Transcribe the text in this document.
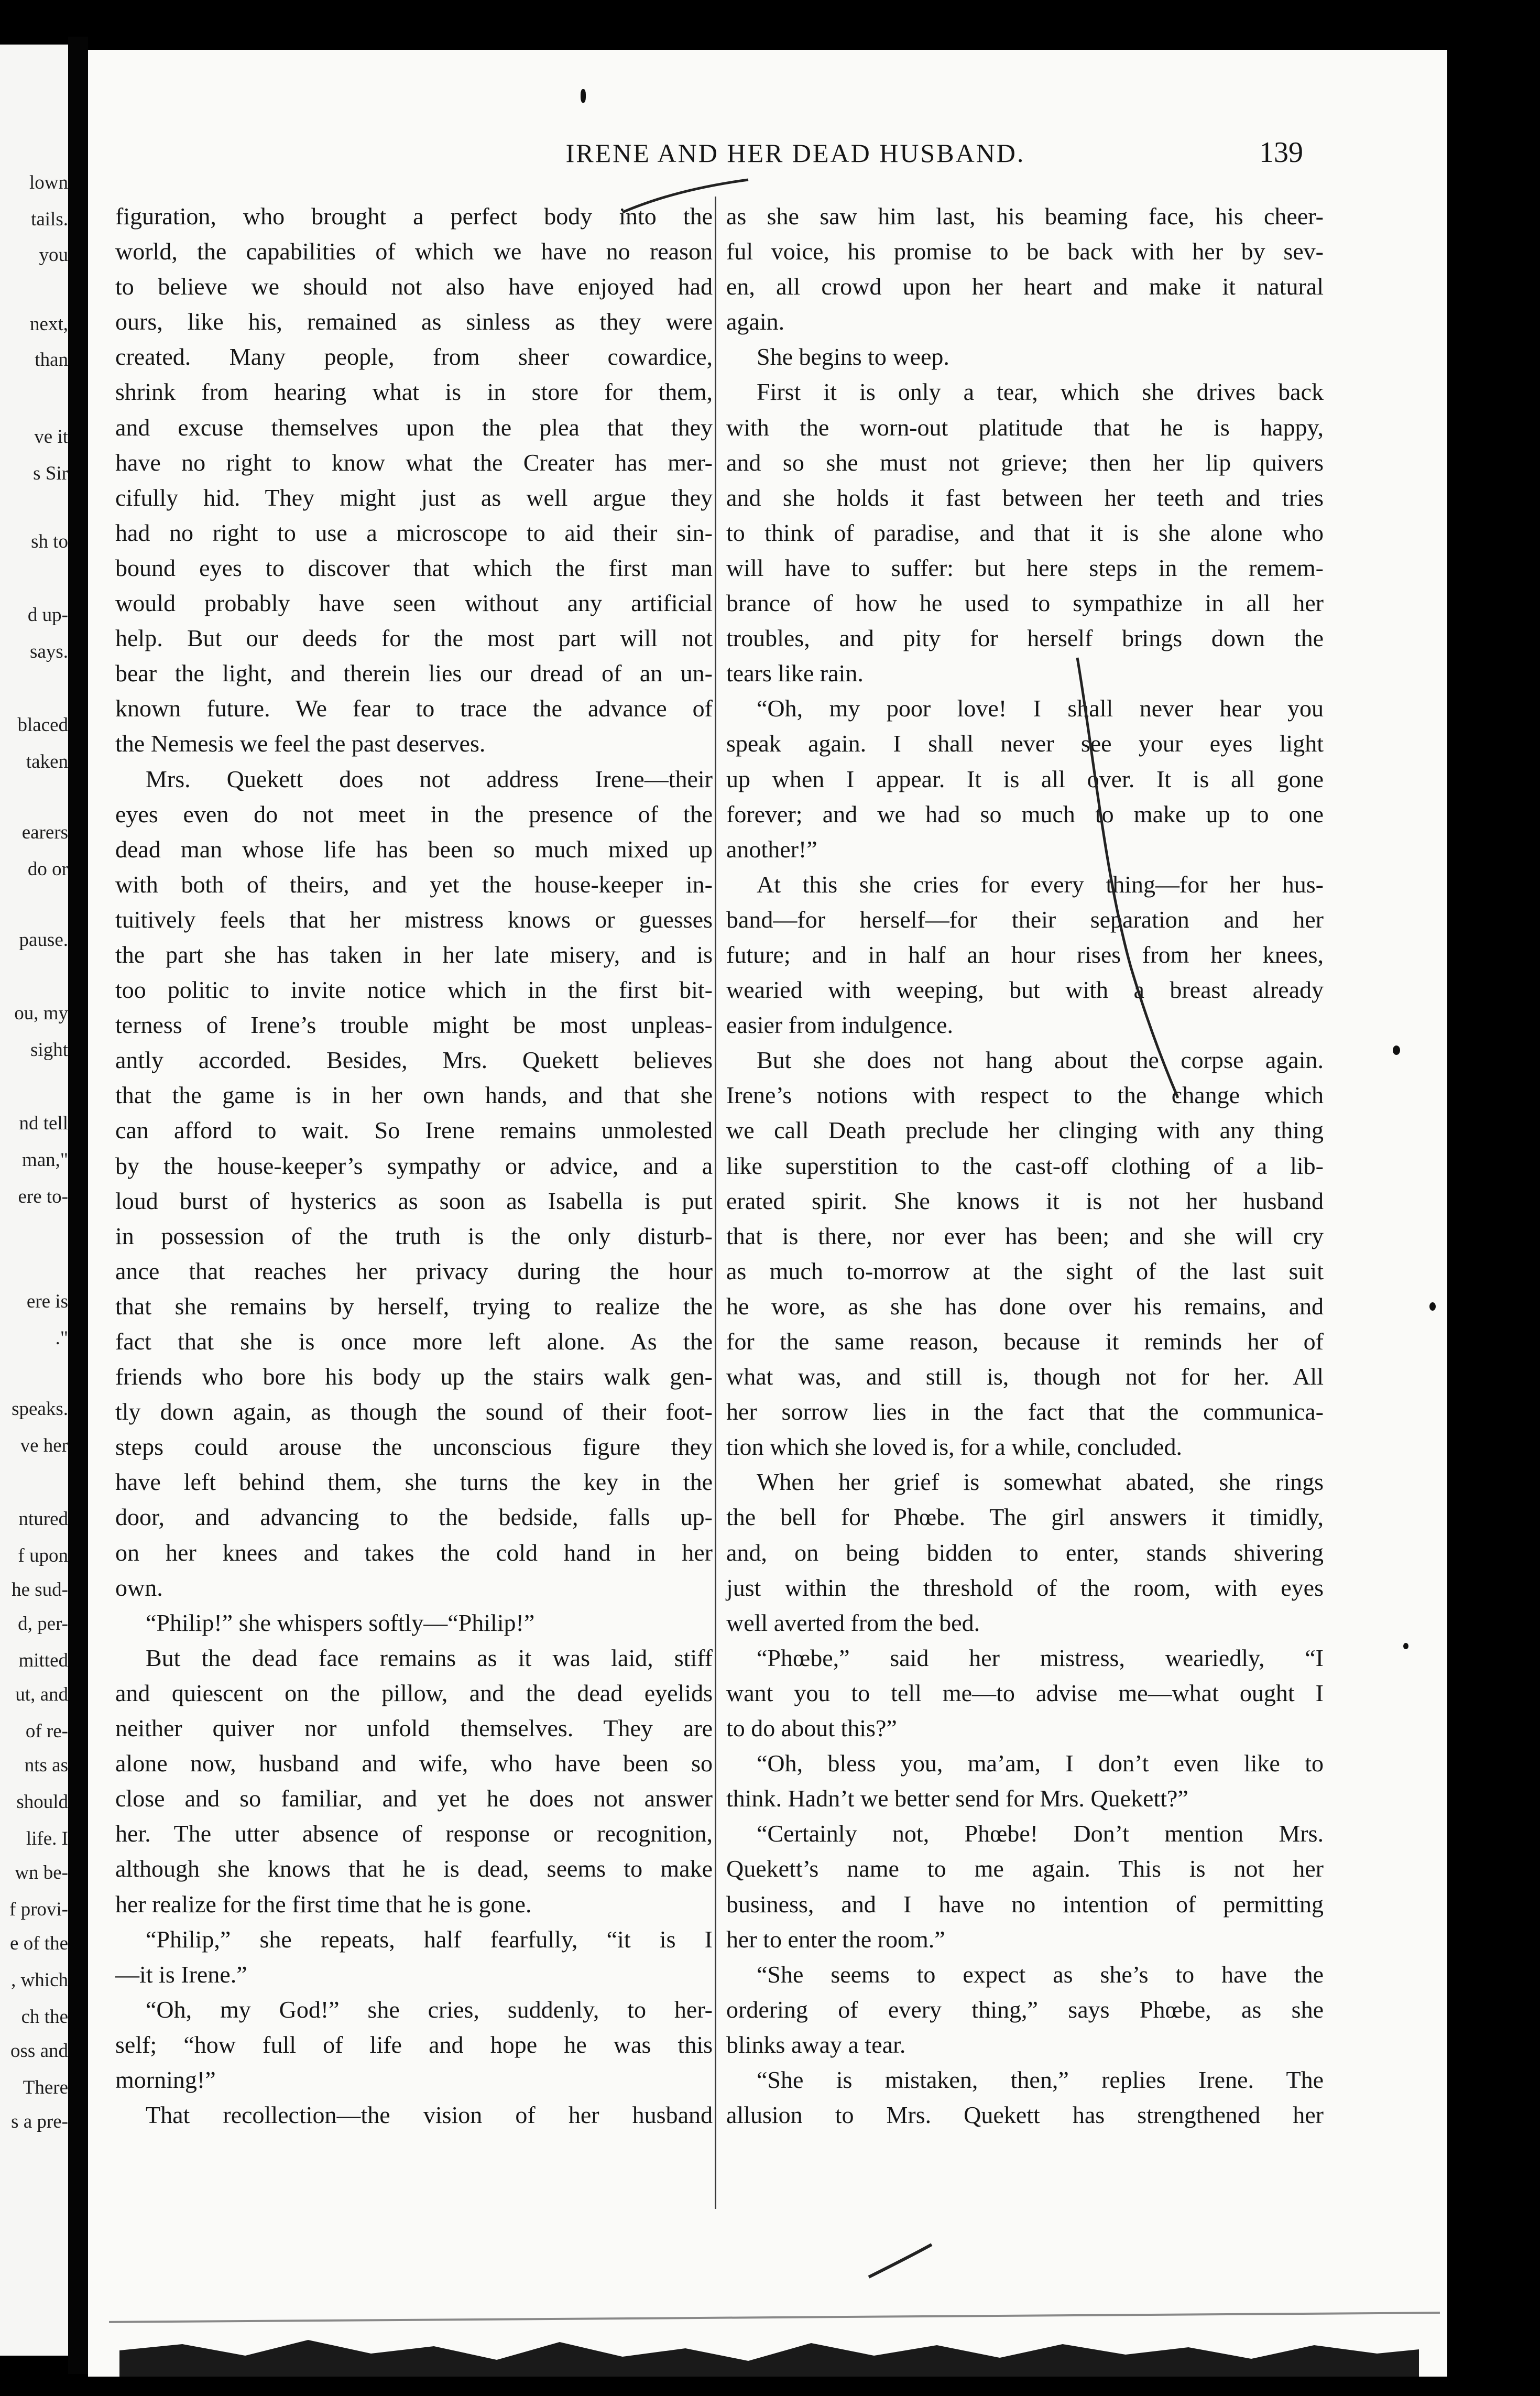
lown
tails.
you
next,
than
ve it
s Sir
sh to
d up-
says.
blaced
taken
earers
do or
pause.
ou, my
sight
nd tell
man,"
ere to-
ere is
."
speaks.
ve her
ntured
f upon
he sud-
d, per-
mitted
ut, and
of re-
nts as
should
life. I
wn be-
f provi-
e of the
, which
ch the
oss and
There
s a pre-
IRENE AND HER DEAD HUSBAND.	139
figuration, who brought a perfect body into the
world, the capabilities of which we have no reason
to believe we should not also have enjoyed had
ours, like his, remained as sinless as they were
created. Many people, from sheer cowardice,
shrink from hearing what is in store for them,
and excuse themselves upon the plea that they
have no right to know what the Creater has mer-
cifully hid. They might just as well argue they
had no right to use a microscope to aid their sin-
bound eyes to discover that which the first man
would probably have seen without any artificial
help. But our deeds for the most part will not
bear the light, and therein lies our dread of an un-
known future. We fear to trace the advance of
the Nemesis we feel the past deserves.
Mrs. Quekett does not address Irene—their
eyes even do not meet in the presence of the
dead man whose life has been so much mixed up
with both of theirs, and yet the house-keeper in-
tuitively feels that her mistress knows or guesses
the part she has taken in her late misery, and is
too politic to invite notice which in the first bit-
terness of Irene’s trouble might be most unpleas-
antly accorded. Besides, Mrs. Quekett believes
that the game is in her own hands, and that she
can afford to wait. So Irene remains unmolested
by the house-keeper’s sympathy or advice, and a
loud burst of hysterics as soon as Isabella is put
in possession of the truth is the only disturb-
ance that reaches her privacy during the hour
that she remains by herself, trying to realize the
fact that she is once more left alone. As the
friends who bore his body up the stairs walk gen-
tly down again, as though the sound of their foot-
steps could arouse the unconscious figure they
have left behind them, she turns the key in the
door, and advancing to the bedside, falls up-
on her knees and takes the cold hand in her
own.
“Philip!” she whispers softly—“Philip!”
But the dead face remains as it was laid, stiff
and quiescent on the pillow, and the dead eyelids
neither quiver nor unfold themselves. They are
alone now, husband and wife, who have been so
close and so familiar, and yet he does not answer
her. The utter absence of response or recognition,
although she knows that he is dead, seems to make
her realize for the first time that he is gone.
“Philip,” she repeats, half fearfully, “it is I
—it is Irene.”
“Oh, my God!” she cries, suddenly, to her-
self; “how full of life and hope he was this
morning!”
That recollection—the vision of her husband
as she saw him last, his beaming face, his cheer-
ful voice, his promise to be back with her by sev-
en, all crowd upon her heart and make it natural
again.
She begins to weep.
First it is only a tear, which she drives back
with the worn-out platitude that he is happy,
and so she must not grieve; then her lip quivers
and she holds it fast between her teeth and tries
to think of paradise, and that it is she alone who
will have to suffer: but here steps in the remem-
brance of how he used to sympathize in all her
troubles, and pity for herself brings down the
tears like rain.
“Oh, my poor love! I shall never hear you
speak again. I shall never see your eyes light
up when I appear. It is all over. It is all gone
forever; and we had so much to make up to one
another!”
At this she cries for every thing—for her hus-
band—for herself—for their separation and her
future; and in half an hour rises from her knees,
wearied with weeping, but with a breast already
easier from indulgence.
But she does not hang about the corpse again.
Irene’s notions with respect to the change which
we call Death preclude her clinging with any thing
like superstition to the cast-off clothing of a lib-
erated spirit. She knows it is not her husband
that is there, nor ever has been; and she will cry
as much to-morrow at the sight of the last suit
he wore, as she has done over his remains, and
for the same reason, because it reminds her of
what was, and still is, though not for her. All
her sorrow lies in the fact that the communica-
tion which she loved is, for a while, concluded.
When her grief is somewhat abated, she rings
the bell for Phœbe. The girl answers it timidly,
and, on being bidden to enter, stands shivering
just within the threshold of the room, with eyes
well averted from the bed.
“Phœbe,” said her mistress, weariedly, “I
want you to tell me—to advise me—what ought I
to do about this?”
“Oh, bless you, ma’am, I don’t even like to
think. Hadn’t we better send for Mrs. Quekett?”
“Certainly not, Phœbe! Don’t mention Mrs.
Quekett’s name to me again. This is not her
business, and I have no intention of permitting
her to enter the room.”
“She seems to expect as she’s to have the
ordering of every thing,” says Phœbe, as she
blinks away a tear.
“She is mistaken, then,” replies Irene. The
allusion to Mrs. Quekett has strengthened her
